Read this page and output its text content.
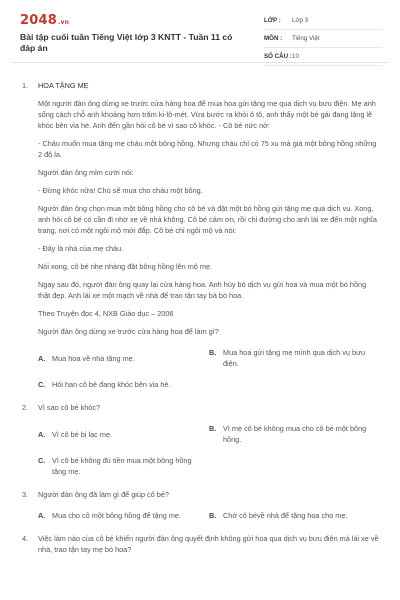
2048.vn
Bài tập cuối tuần Tiếng Việt lớp 3 KNTT - Tuần 11 có đáp án
LỚP :	Lớp 3
MÔN :	Tiếng Việt
SỐ CÂU : 10
1. HOA TẶNG MẸ
Một người đàn ông dừng xe trước cửa hàng hoa để mua hoa gửi tặng mẹ qua dịch vụ bưu điện. Mẹ anh sống cách chỗ anh khoảng hơn trăm ki-lô-mét. Vừa bước ra khỏi ô tô, anh thấy một bé gái đang lặng lẽ khóc bên vỉa hè. Anh đến gần hỏi cô bé vì sao cô khóc. - Cô bé nức nở:
- Cháu muốn mua tặng mẹ cháu một bông hồng. Nhưng cháu chỉ có 75 xu mà giá một bông hồng những 2 đô la.
Người đàn ông mỉm cười nói:
- Đừng khóc nữa! Chú sẽ mua cho cháu một bông.
Người đàn ông chọn mua một bông hồng cho cô bé và đặt một bó hồng gửi tặng mẹ qua dịch vụ. Xong, anh hỏi cô bé có cần đi nhờ xe về nhà không. Cô bé cảm ơn, rồi chỉ đường cho anh lái xe đến một nghĩa trang, nơi có một ngôi mộ mới đắp. Cô bé chỉ ngôi mộ và nói:
- Đây là nhà của mẹ cháu.
Nói xong, cô bé nhẹ nhàng đặt bông hồng lên mộ mẹ.
Ngay sau đó, người đàn ông quay lại cửa hàng hoa. Anh hủy bỏ dịch vụ gửi hoa và mua một bó hồng thật đẹp. Anh lái xe một mạch về nhà để trao tận tay bà bó hoa.
Theo Truyện đọc 4, NXB Giáo dục – 2006
Người đàn ông dừng xe trước cửa hàng hoa để làm gì?
A. Mua hoa về nhà tặng mẹ.
B. Mua hoa gửi tặng mẹ mình qua dịch vụ bưu điện.
C. Hỏi han cô bé đang khóc bên vỉa hè.
2. Vì sao cô bé khóc?
A. Vì cô bé bị lạc mẹ.
B. Vì mẹ cô bé không mua cho cô bé một bông hồng.
C. Vì cô bé không đủ tiền mua một bông hồng tặng mẹ.
3. Người đàn ông đã làm gì để giúp cô bé?
A. Mua cho cô một bông hồng để tặng mẹ.	B. Chở cô bévề nhà để tặng hoa cho mẹ.
4. Việc làm nào của cô bé khiến người đàn ông quyết định không gửi hoa qua dịch vụ bưu điện mà lái xe về nhà, trao tận tay mẹ bó hoa?
